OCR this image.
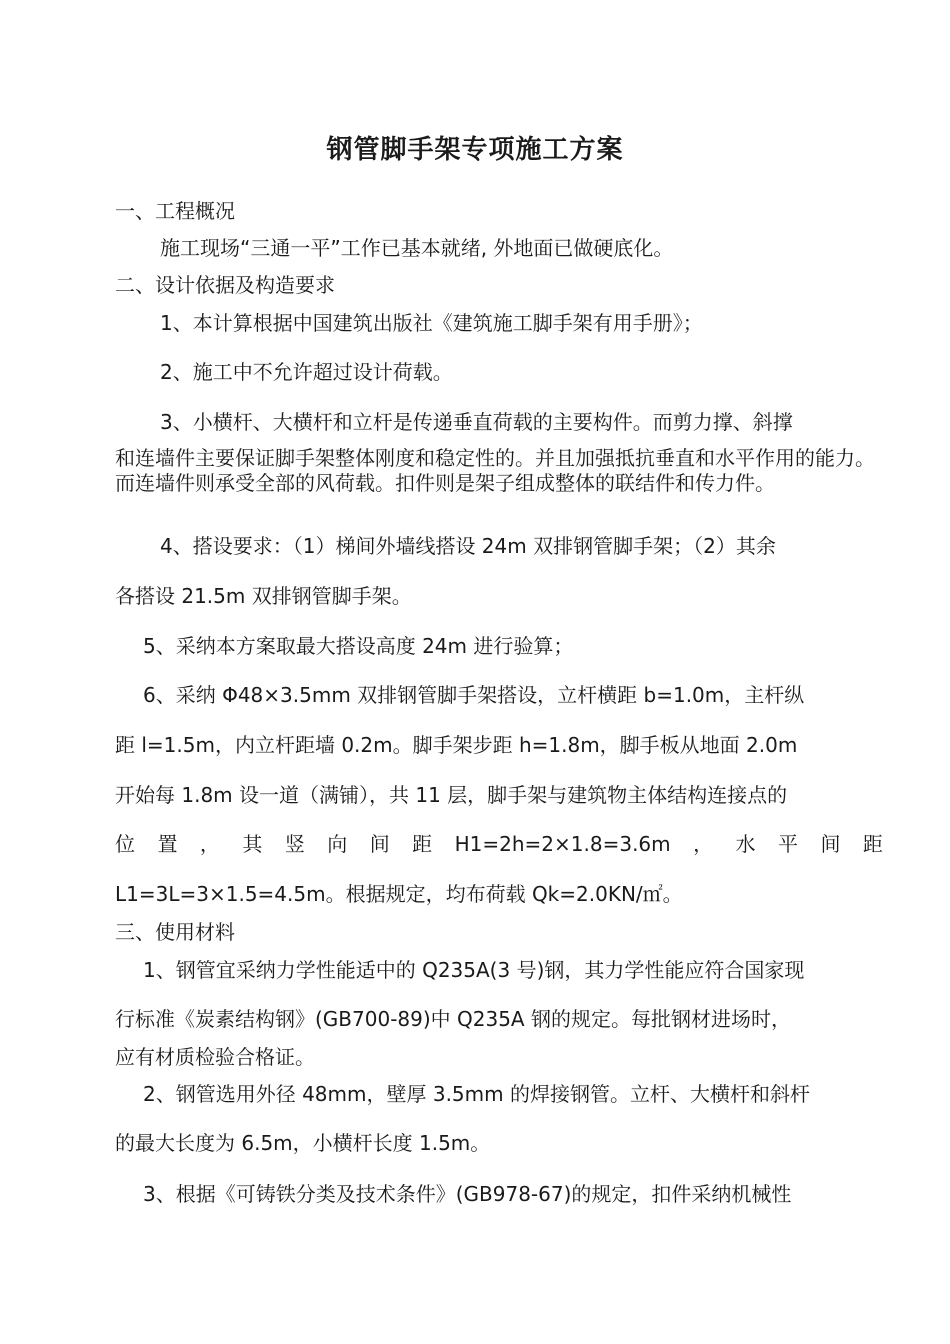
钢管脚手架专项施工方案
一、工程概况
施工现场“三通一平”工作已基本就绪, 外地面已做硬底化。
二、设计依据及构造要求
1、本计算根据中国建筑出版社《建筑施工脚手架有用手册》；
2、施工中不允许超过设计荷载。
3、小横杆、大横杆和立杆是传递垂直荷载的主要构件。而剪力撑、斜撑
和连墙件主要保证脚手架整体刚度和稳定性的。并且加强抵抗垂直和水平作用的能力。而连墙件则承受全部的风荷载。扣件则是架子组成整体的联结件和传力件。
4、搭设要求：（1）梯间外墙线搭设 24m 双排钢管脚手架；（2）其余
各搭设 21.5m 双排钢管脚手架。
5、采纳本方案取最大搭设高度 24m 进行验算；
6、采纳 Φ48×3.5mm 双排钢管脚手架搭设，立杆横距 b=1.0m，主杆纵
距 l=1.5m，内立杆距墙 0.2m。脚手架步距 h=1.8m，脚手板从地面 2.0m
开始每 1.8m 设一道（满铺），共 11 层，脚手架与建筑物主体结构连接点的
位 置 ， 其 竖 向 间 距 H1=2h=2×1.8=3.6m ， 水 平 间 距
L1=3L=3×1.5=4.5m。根据规定，均布荷载 Qk=2.0KN/㎡。
三、使用材料
1、钢管宜采纳力学性能适中的 Q235A(3 号)钢，其力学性能应符合国家现
行标准《炭素结构钢》(GB700-89)中 Q235A 钢的规定。每批钢材进场时，
应有材质检验合格证。
2、钢管选用外径 48mm，壁厚 3.5mm 的焊接钢管。立杆、大横杆和斜杆
的最大长度为 6.5m，小横杆长度 1.5m。
3、根据《可铸铁分类及技术条件》(GB978-67)的规定，扣件采纳机械性
